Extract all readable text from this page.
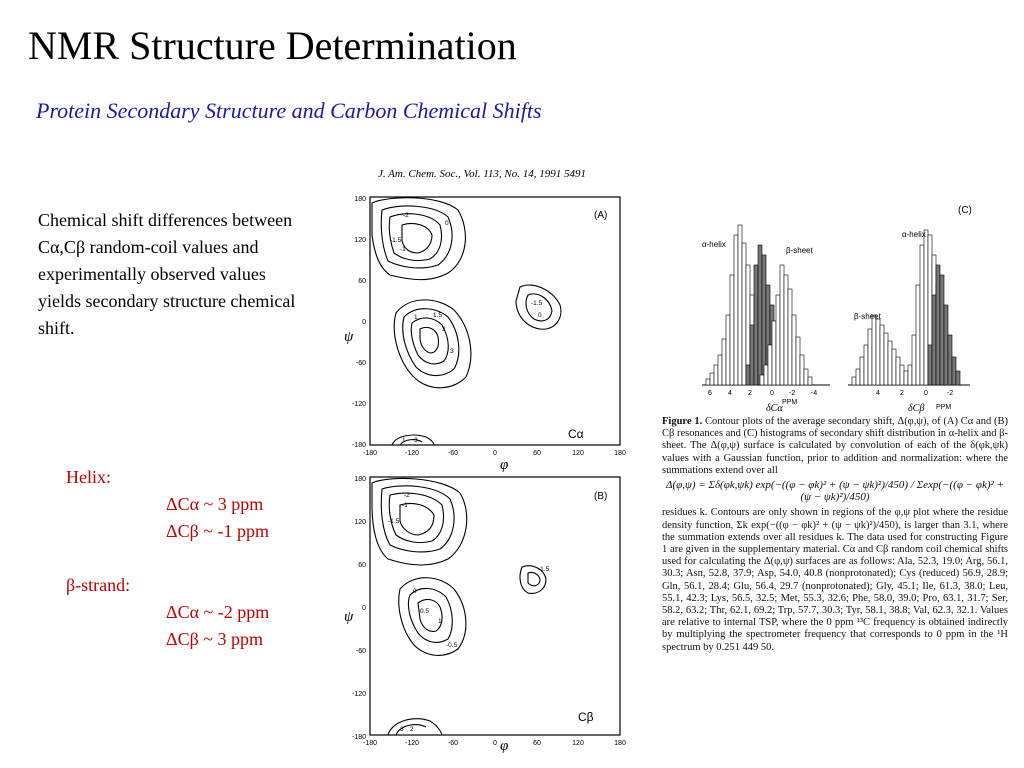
NMR Structure Determination
Protein Secondary Structure and Carbon Chemical Shifts
Chemical shift differences between Cα,Cβ random-coil values and experimentally observed values yields secondary structure chemical shift.
Helix:
ΔCα ~ 3 ppm
ΔCβ ~ -1 ppm
β-strand:
ΔCα ~ -2 ppm
ΔCβ ~ 3 ppm
J. Am. Chem. Soc., Vol. 113, No. 14, 1991 5491
(A)
Cα
ψ
φ
180
120
60
0
-60
-120
-180
-180	-120	-60	0	60	120	180
-2
-1.5
0
-1
1 1.5
2
3
-1.5
0
1 3
(B)
Cβ
ψ
φ
180
120
60
0
-60
-120
-180
-180	-120	-60	0	60	120	180
-2
-1
-1.5
0
0.5
-0.5
1
-1.5
3 2
(C)
α-helix
β-sheet
6 4 2	0 -2 -4
PPM
δCα
α-helix
β-sheet
4	2	0	-2
PPM
δCβ
Figure 1. Contour plots of the average secondary shift, Δ(φ,ψ), of (A) Cα and (B) Cβ resonances and (C) histograms of secondary shift distribution in α-helix and β-sheet. The Δ(φ,ψ) surface is calculated by convolution of each of the δ(φk,ψk) values with a Gaussian function, prior to addition and normalization: where the summations extend over all
Δ(φ,ψ) = Σδ(φk,ψk) exp(−((φ − φk)² + (ψ − ψk)²)/450) / Σexp(−((φ − φk)² + (ψ − ψk)²)/450)
residues k. Contours are only shown in regions of the φ,ψ plot where the residue density function, Σk exp(−((φ − φk)² + (ψ − ψk)²)/450), is larger than 3.1, where the summation extends over all residues k. The data used for constructing Figure 1 are given in the supplementary material. Cα and Cβ random coil chemical shifts used for calculating the Δ(φ,ψ) surfaces are as follows: Ala, 52.3, 19.0; Arg, 56.1, 30.3; Asn, 52.8, 37.9; Asp, 54.0, 40.8 (nonprotonated); Cys (reduced) 56.9, 28.9; Gln, 56.1, 28.4; Glu, 56.4, 29.7 (nonprotonated); Gly, 45.1; Ile, 61.3, 38.0; Leu, 55.1, 42.3; Lys, 56.5, 32.5; Met, 55.3, 32.6; Phe, 58.0, 39.0; Pro, 63.1, 31.7; Ser, 58.2, 63.2; Thr, 62.1, 69.2; Trp, 57.7, 30.3; Tyr, 58.1, 38.8; Val, 62.3, 32.1. Values are relative to internal TSP, where the 0 ppm ¹³C frequency is obtained indirectly by multiplying the spectrometer frequency that corresponds to 0 ppm in the ¹H spectrum by 0.251 449 50.
